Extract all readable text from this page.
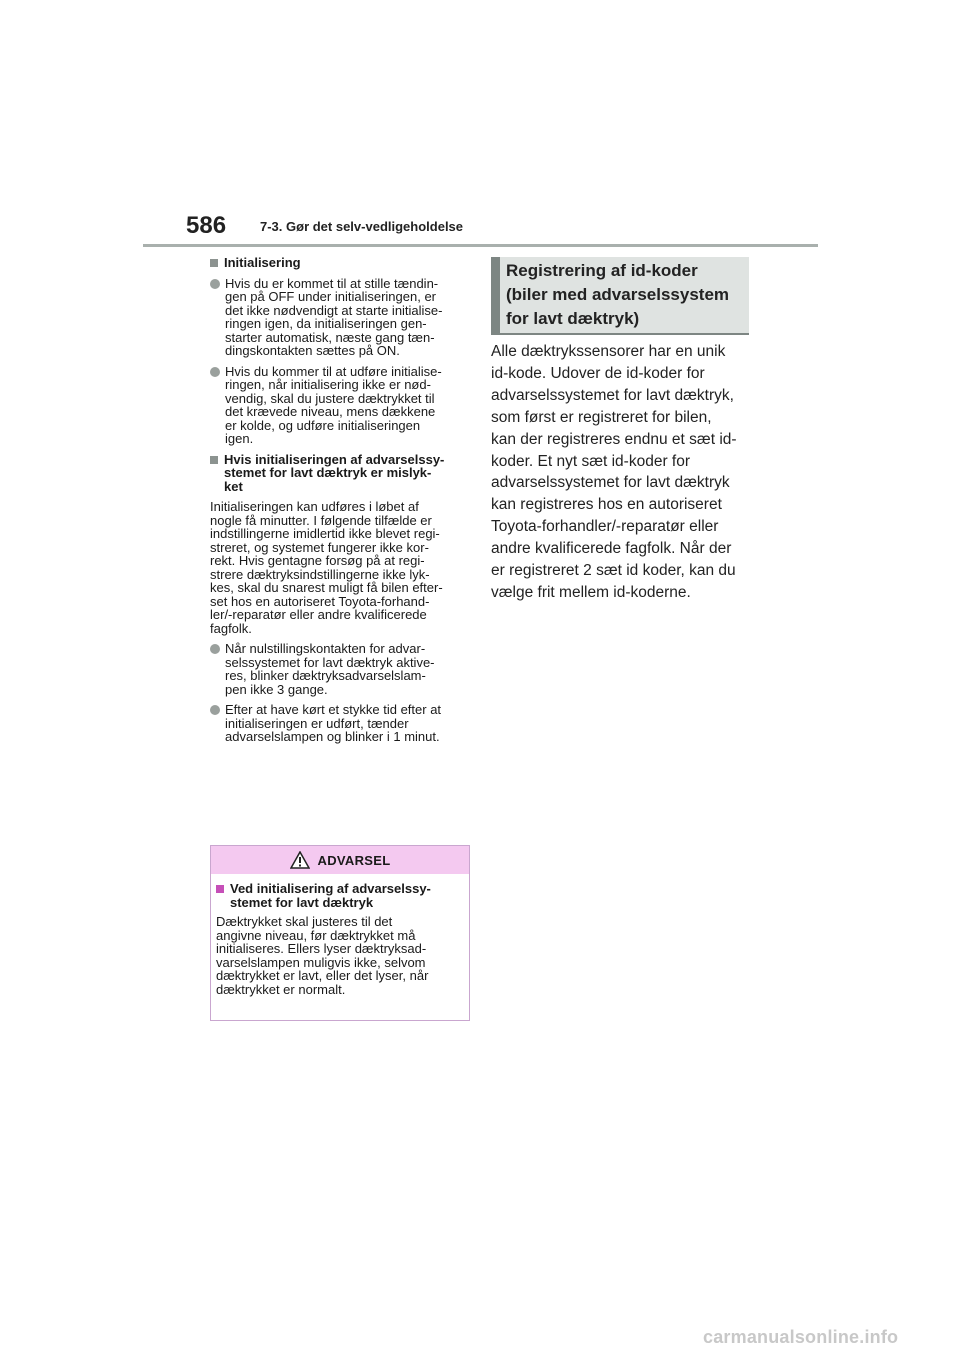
586	7-3. Gør det selv-vedligeholdelse
Initialisering
Hvis du er kommet til at stille tændin-
gen på OFF under initialiseringen, er
det ikke nødvendigt at starte initialise-
ringen igen, da initialiseringen gen-
starter automatisk, næste gang tæn-
dingskontakten sættes på ON.
Hvis du kommer til at udføre initialise-
ringen, når initialisering ikke er nød-
vendig, skal du justere dæktrykket til
det krævede niveau, mens dækkene
er kolde, og udføre initialiseringen
igen.
Hvis initialiseringen af advarselssy-
stemet for lavt dæktryk er mislyk-
ket
Initialiseringen kan udføres i løbet af
nogle få minutter. I følgende tilfælde er
indstillingerne imidlertid ikke blevet regi-
streret, og systemet fungerer ikke kor-
rekt. Hvis gentagne forsøg på at regi-
strere dæktryksindstillingerne ikke lyk-
kes, skal du snarest muligt få bilen efter-
set hos en autoriseret Toyota-forhand-
ler/-reparatør eller andre kvalificerede
fagfolk.
Når nulstillingskontakten for advar-
selssystemet for lavt dæktryk aktive-
res, blinker dæktryksadvarselslam-
pen ikke 3 gange.
Efter at have kørt et stykke tid efter at
initialiseringen er udført, tænder
advarselslampen og blinker i 1 minut.
ADVARSEL
Ved initialisering af advarselssy-
stemet for lavt dæktryk
Dæktrykket skal justeres til det
angivne niveau, før dæktrykket må
initialiseres. Ellers lyser dæktryksad-
varselslampen muligvis ikke, selvom
dæktrykket er lavt, eller det lyser, når
dæktrykket er normalt.
Registrering af id-koder
(biler med advarselssystem
for lavt dæktryk)
Alle dæktrykssensorer har en unik
id-kode. Udover de id-koder for
advarselssystemet for lavt dæktryk,
som først er registreret for bilen,
kan der registreres endnu et sæt id-
koder. Et nyt sæt id-koder for
advarselssystemet for lavt dæktryk
kan registreres hos en autoriseret
Toyota-forhandler/-reparatør eller
andre kvalificerede fagfolk. Når der
er registreret 2 sæt id koder, kan du
vælge frit mellem id-koderne.
carmanualsonline.info
